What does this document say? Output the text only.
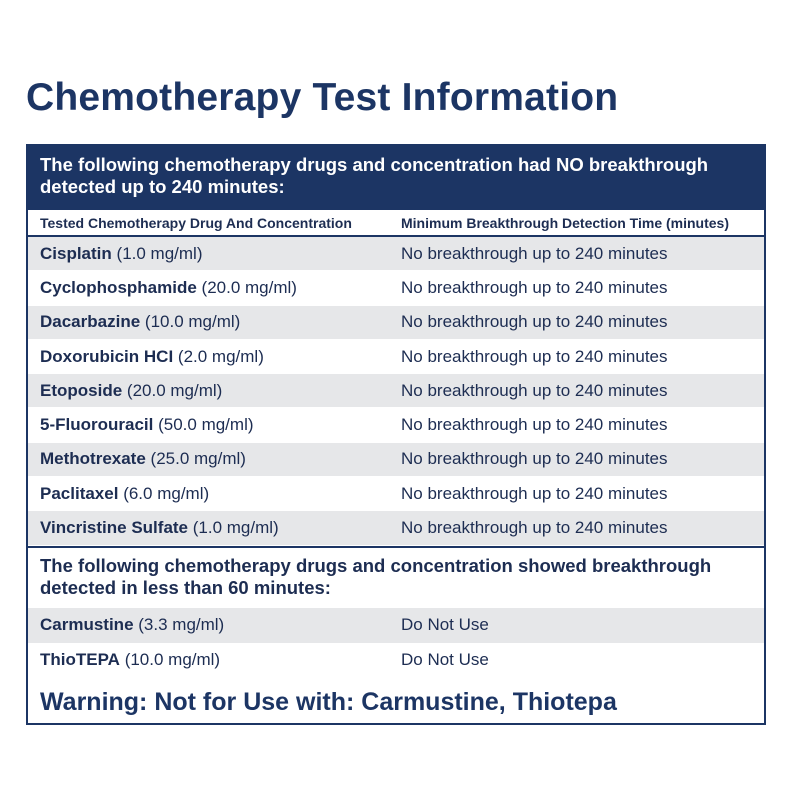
Chemotherapy Test Information
The following chemotherapy drugs and concentration had NO breakthrough detected up to 240 minutes:
Tested Chemotherapy Drug And Concentration	Minimum Breakthrough Detection Time (minutes)
Cisplatin (1.0 mg/ml)	No breakthrough up to 240 minutes
Cyclophosphamide (20.0 mg/ml)	No breakthrough up to 240 minutes
Dacarbazine (10.0 mg/ml)	No breakthrough up to 240 minutes
Doxorubicin HCI (2.0 mg/ml)	No breakthrough up to 240 minutes
Etoposide (20.0 mg/ml)	No breakthrough up to 240 minutes
5-Fluorouracil (50.0 mg/ml)	No breakthrough up to 240 minutes
Methotrexate (25.0 mg/ml)	No breakthrough up to 240 minutes
Paclitaxel (6.0 mg/ml)	No breakthrough up to 240 minutes
Vincristine Sulfate (1.0 mg/ml)	No breakthrough up to 240 minutes
The following chemotherapy drugs and concentration showed breakthrough detected in less than 60 minutes:
Carmustine (3.3 mg/ml)	Do Not Use
ThioTEPA (10.0 mg/ml)	Do Not Use
Warning: Not for Use with: Carmustine, Thiotepa
